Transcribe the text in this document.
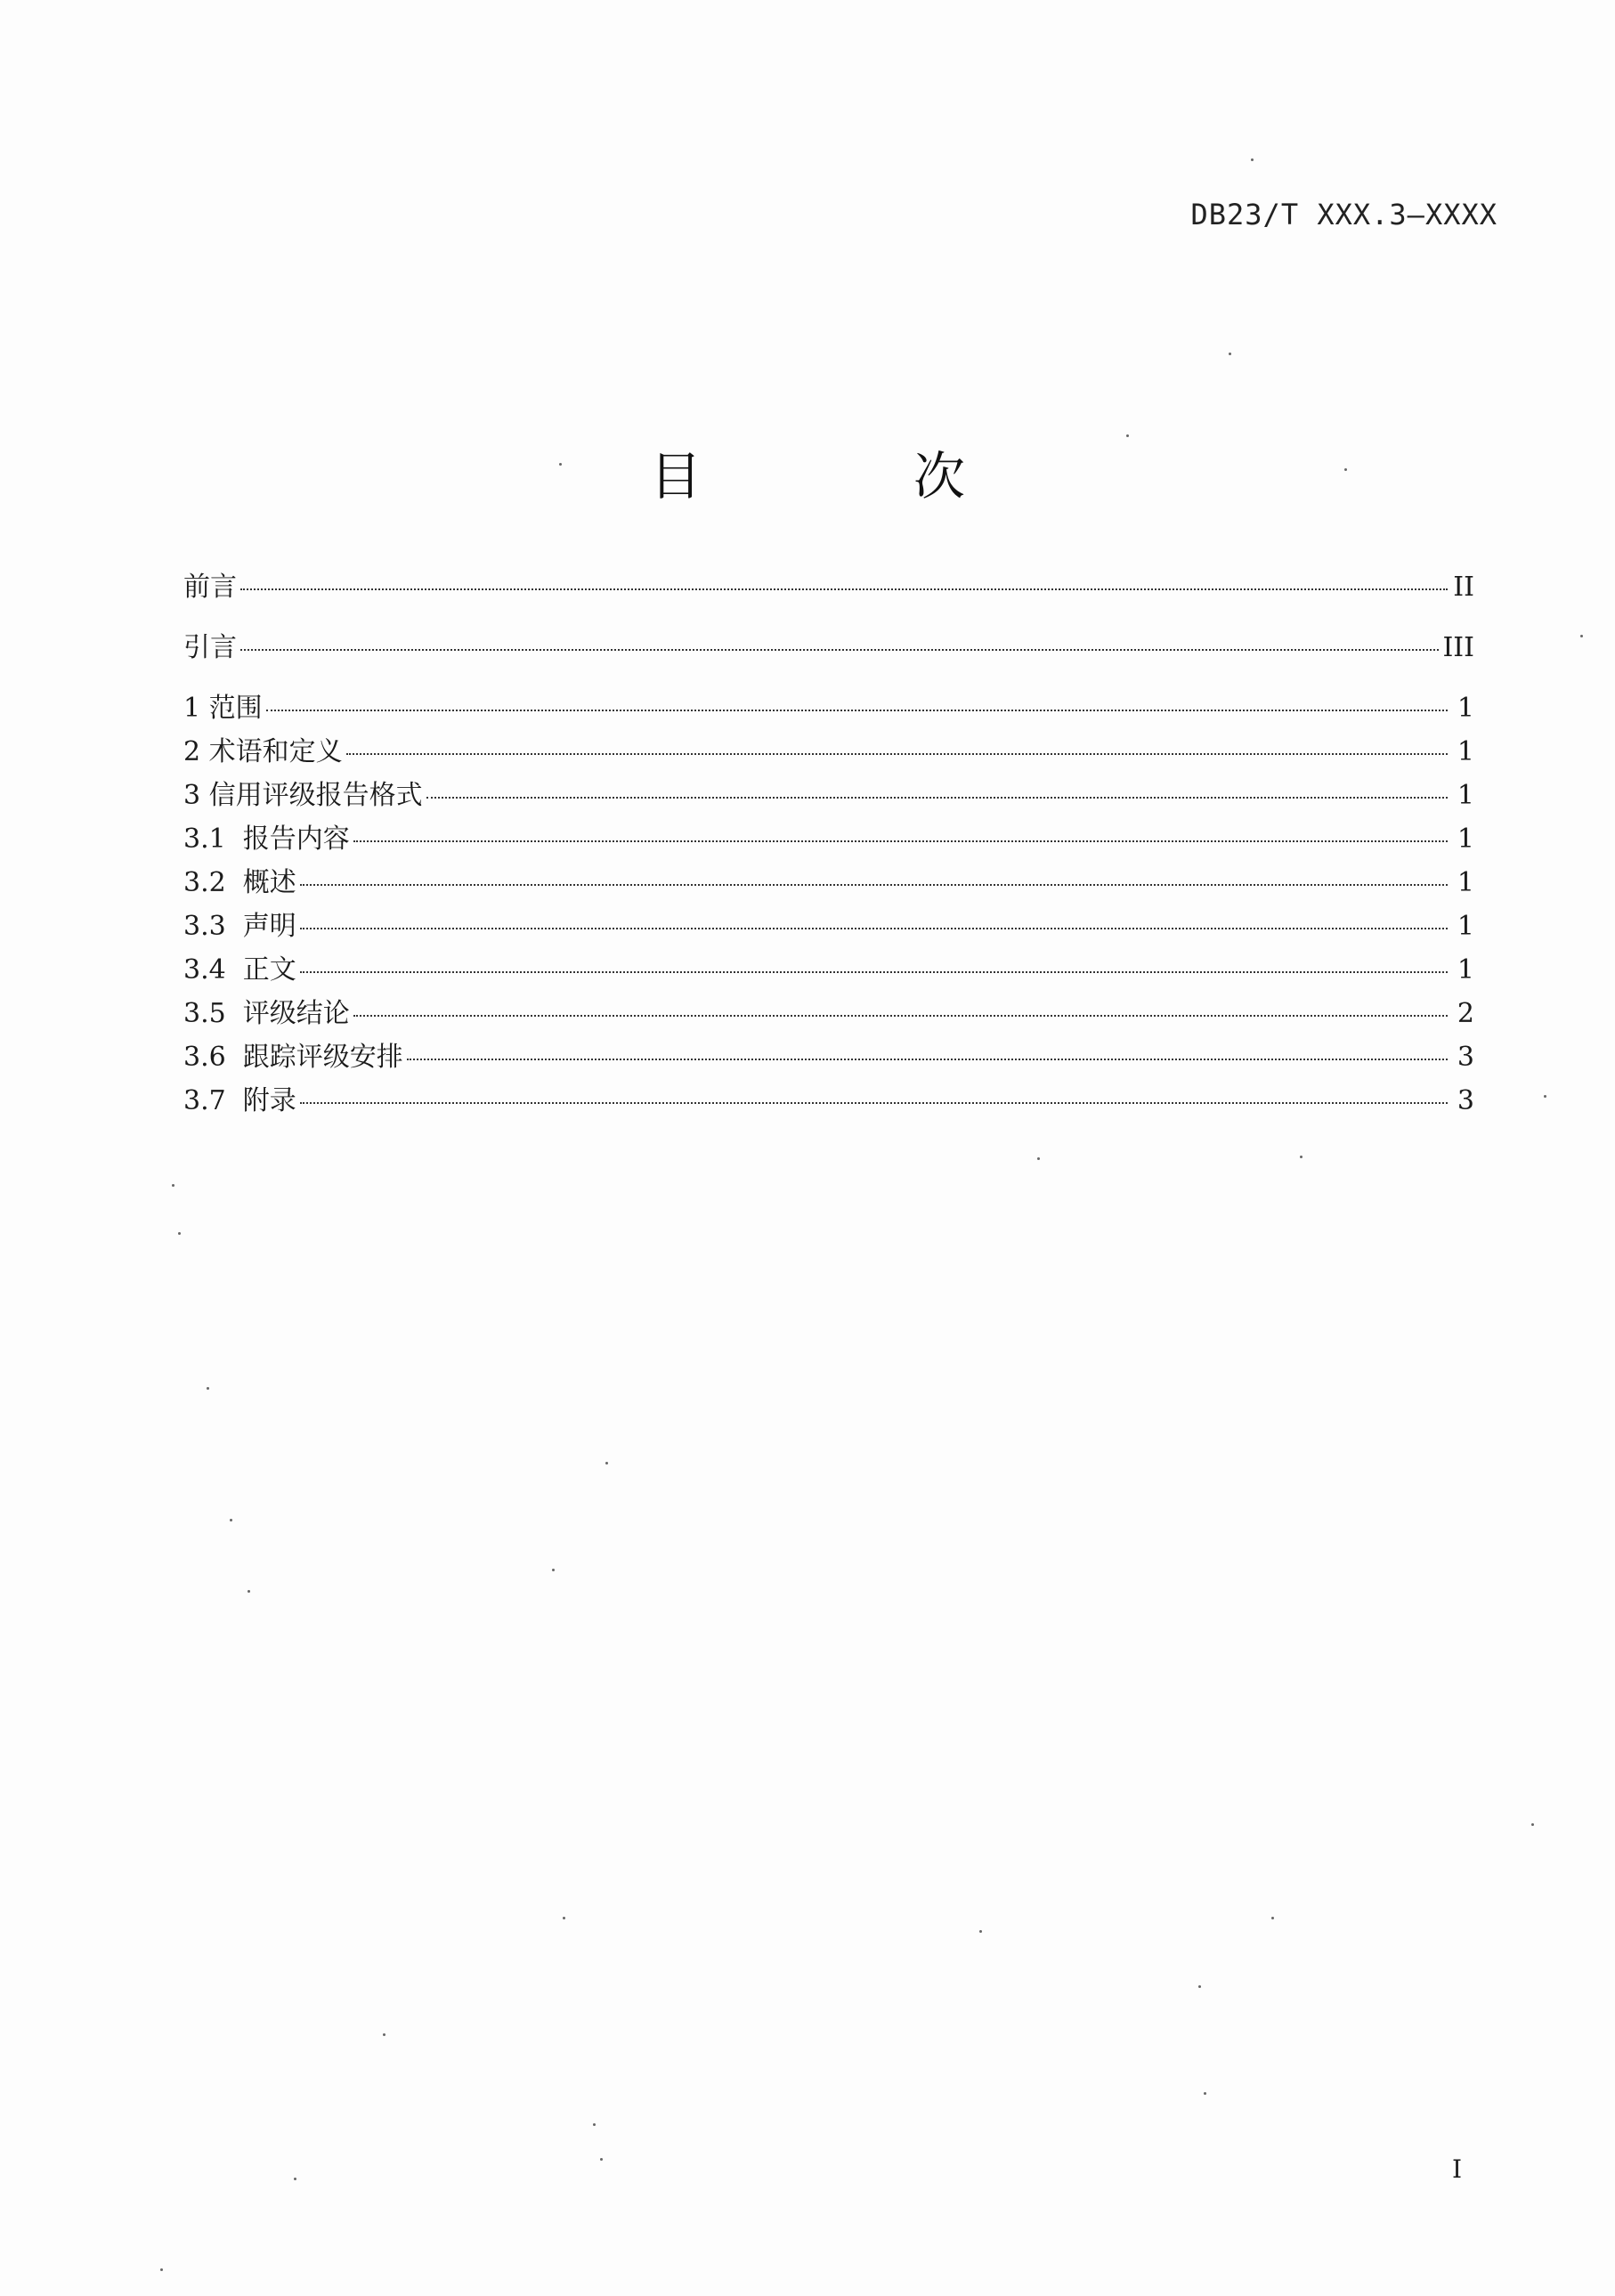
DB23/T XXX.3—XXXX
目　次
前言	II
引言	III
1 范围	1
2 术语和定义	1
3 信用评级报告格式	1
3.1  报告内容	1
3.2  概述	1
3.3  声明	1
3.4  正文	1
3.5  评级结论	2
3.6  跟踪评级安排	3
3.7  附录	3
I
